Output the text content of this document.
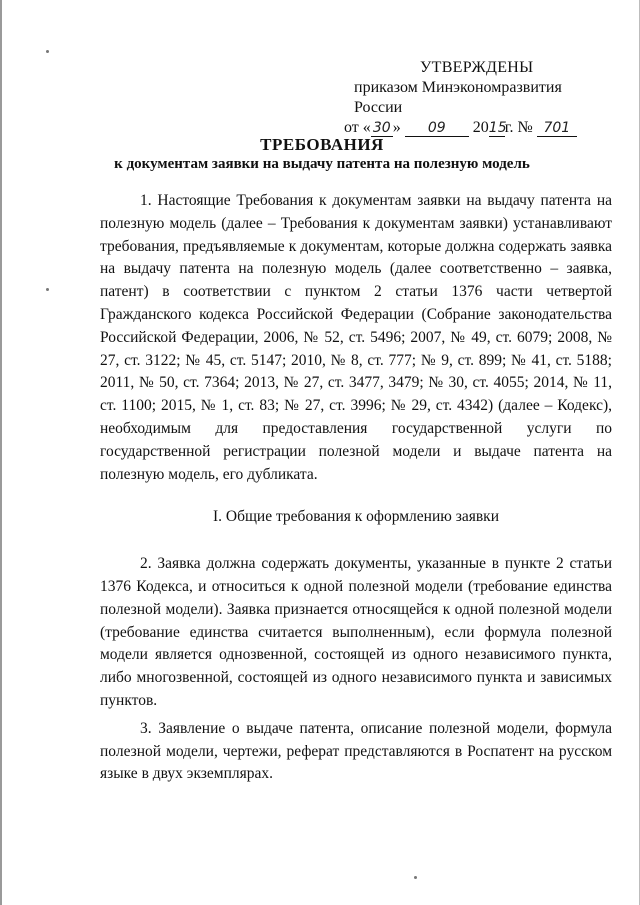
УТВЕРЖДЕНЫ
приказом Минэкономразвития России
от « 30 » 09 2015г. № 701
ТРЕБОВАНИЯ
к документам заявки на выдачу патента на полезную модель

1. Настоящие Требования к документам заявки на выдачу патента на полезную модель (далее – Требования к документам заявки) устанавливают требования, предъявляемые к документам, которые должна содержать заявка на выдачу патента на полезную модель (далее соответственно – заявка, патент) в соответствии с пунктом 2 статьи 1376 части четвертой Гражданского кодекса Российской Федерации (Собрание законодательства Российской Федерации, 2006, № 52, ст. 5496; 2007, № 49, ст. 6079; 2008, № 27, ст. 3122; № 45, ст. 5147; 2010, № 8, ст. 777; № 9, ст. 899; № 41, ст. 5188; 2011, № 50, ст. 7364; 2013, № 27, ст. 3477, 3479; № 30, ст. 4055; 2014, № 11, ст. 1100; 2015, № 1, ст. 83; № 27, ст. 3996; № 29, ст. 4342) (далее – Кодекс), необходимым для предоставления государственной услуги по государственной регистрации полезной модели и выдаче патента на полезную модель, его дубликата.

I. Общие требования к оформлению заявки

2. Заявка должна содержать документы, указанные в пункте 2 статьи 1376 Кодекса, и относиться к одной полезной модели (требование единства полезной модели). Заявка признается относящейся к одной полезной модели (требование единства считается выполненным), если формула полезной модели является однозвенной, состоящей из одного независимого пункта, либо многозвенной, состоящей из одного независимого пункта и зависимых пунктов.

3. Заявление о выдаче патента, описание полезной модели, формула полезной модели, чертежи, реферат представляются в Роспатент на русском языке в двух экземплярах.
